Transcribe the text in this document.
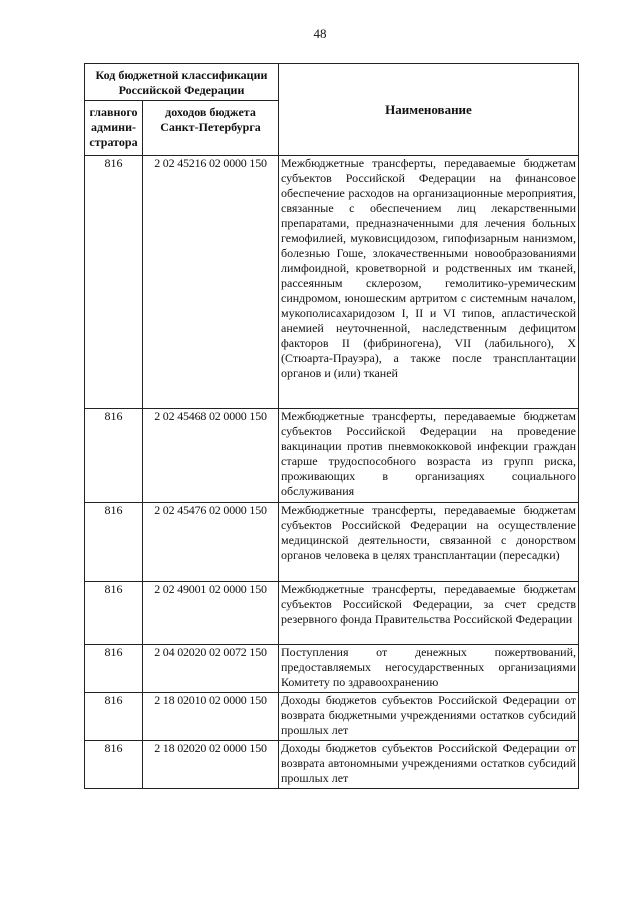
48
Код бюджетной классификации Российской Федерации		Наименование
главного админи-стратора	доходов бюджета Санкт-Петербурга	
816	2 02 45216 02 0000 150	Межбюджетные трансферты, передаваемые бюджетам субъектов Российской Федерации на финансовое обеспечение расходов на организационные мероприятия, связанные с обеспечением лиц лекарственными препаратами, предназначенными для лечения больных гемофилией, муковисцидозом, гипофизарным нанизмом, болезнью Гоше, злокачественными новообразованиями лимфоидной, кроветворной и родственных им тканей, рассеянным склерозом, гемолитико-уремическим синдромом, юношеским артритом с системным началом, мукополисахаридозом I, II и VI типов, апластической анемией неуточненной, наследственным дефицитом факторов II (фибриногена), VII (лабильного), X (Стюарта-Прауэра), а также после трансплантации органов и (или) тканей
816	2 02 45468 02 0000 150	Межбюджетные трансферты, передаваемые бюджетам субъектов Российской Федерации на проведение вакцинации против пневмококковой инфекции граждан старше трудоспособного возраста из групп риска, проживающих в организациях социального обслуживания
816	2 02 45476 02 0000 150	Межбюджетные трансферты, передаваемые бюджетам субъектов Российской Федерации на осуществление медицинской деятельности, связанной с донорством органов человека в целях трансплантации (пересадки)
816	2 02 49001 02 0000 150	Межбюджетные трансферты, передаваемые бюджетам субъектов Российской Федерации, за счет средств резервного фонда Правительства Российской Федерации
816	2 04 02020 02 0072 150	Поступления от денежных пожертвований, предоставляемых негосударственных организациями Комитету по здравоохранению
816	2 18 02010 02 0000 150	Доходы бюджетов субъектов Российской Федерации от возврата бюджетными учреждениями остатков субсидий прошлых лет
816	2 18 02020 02 0000 150	Доходы бюджетов субъектов Российской Федерации от возврата автономными учреждениями остатков субсидий прошлых лет
